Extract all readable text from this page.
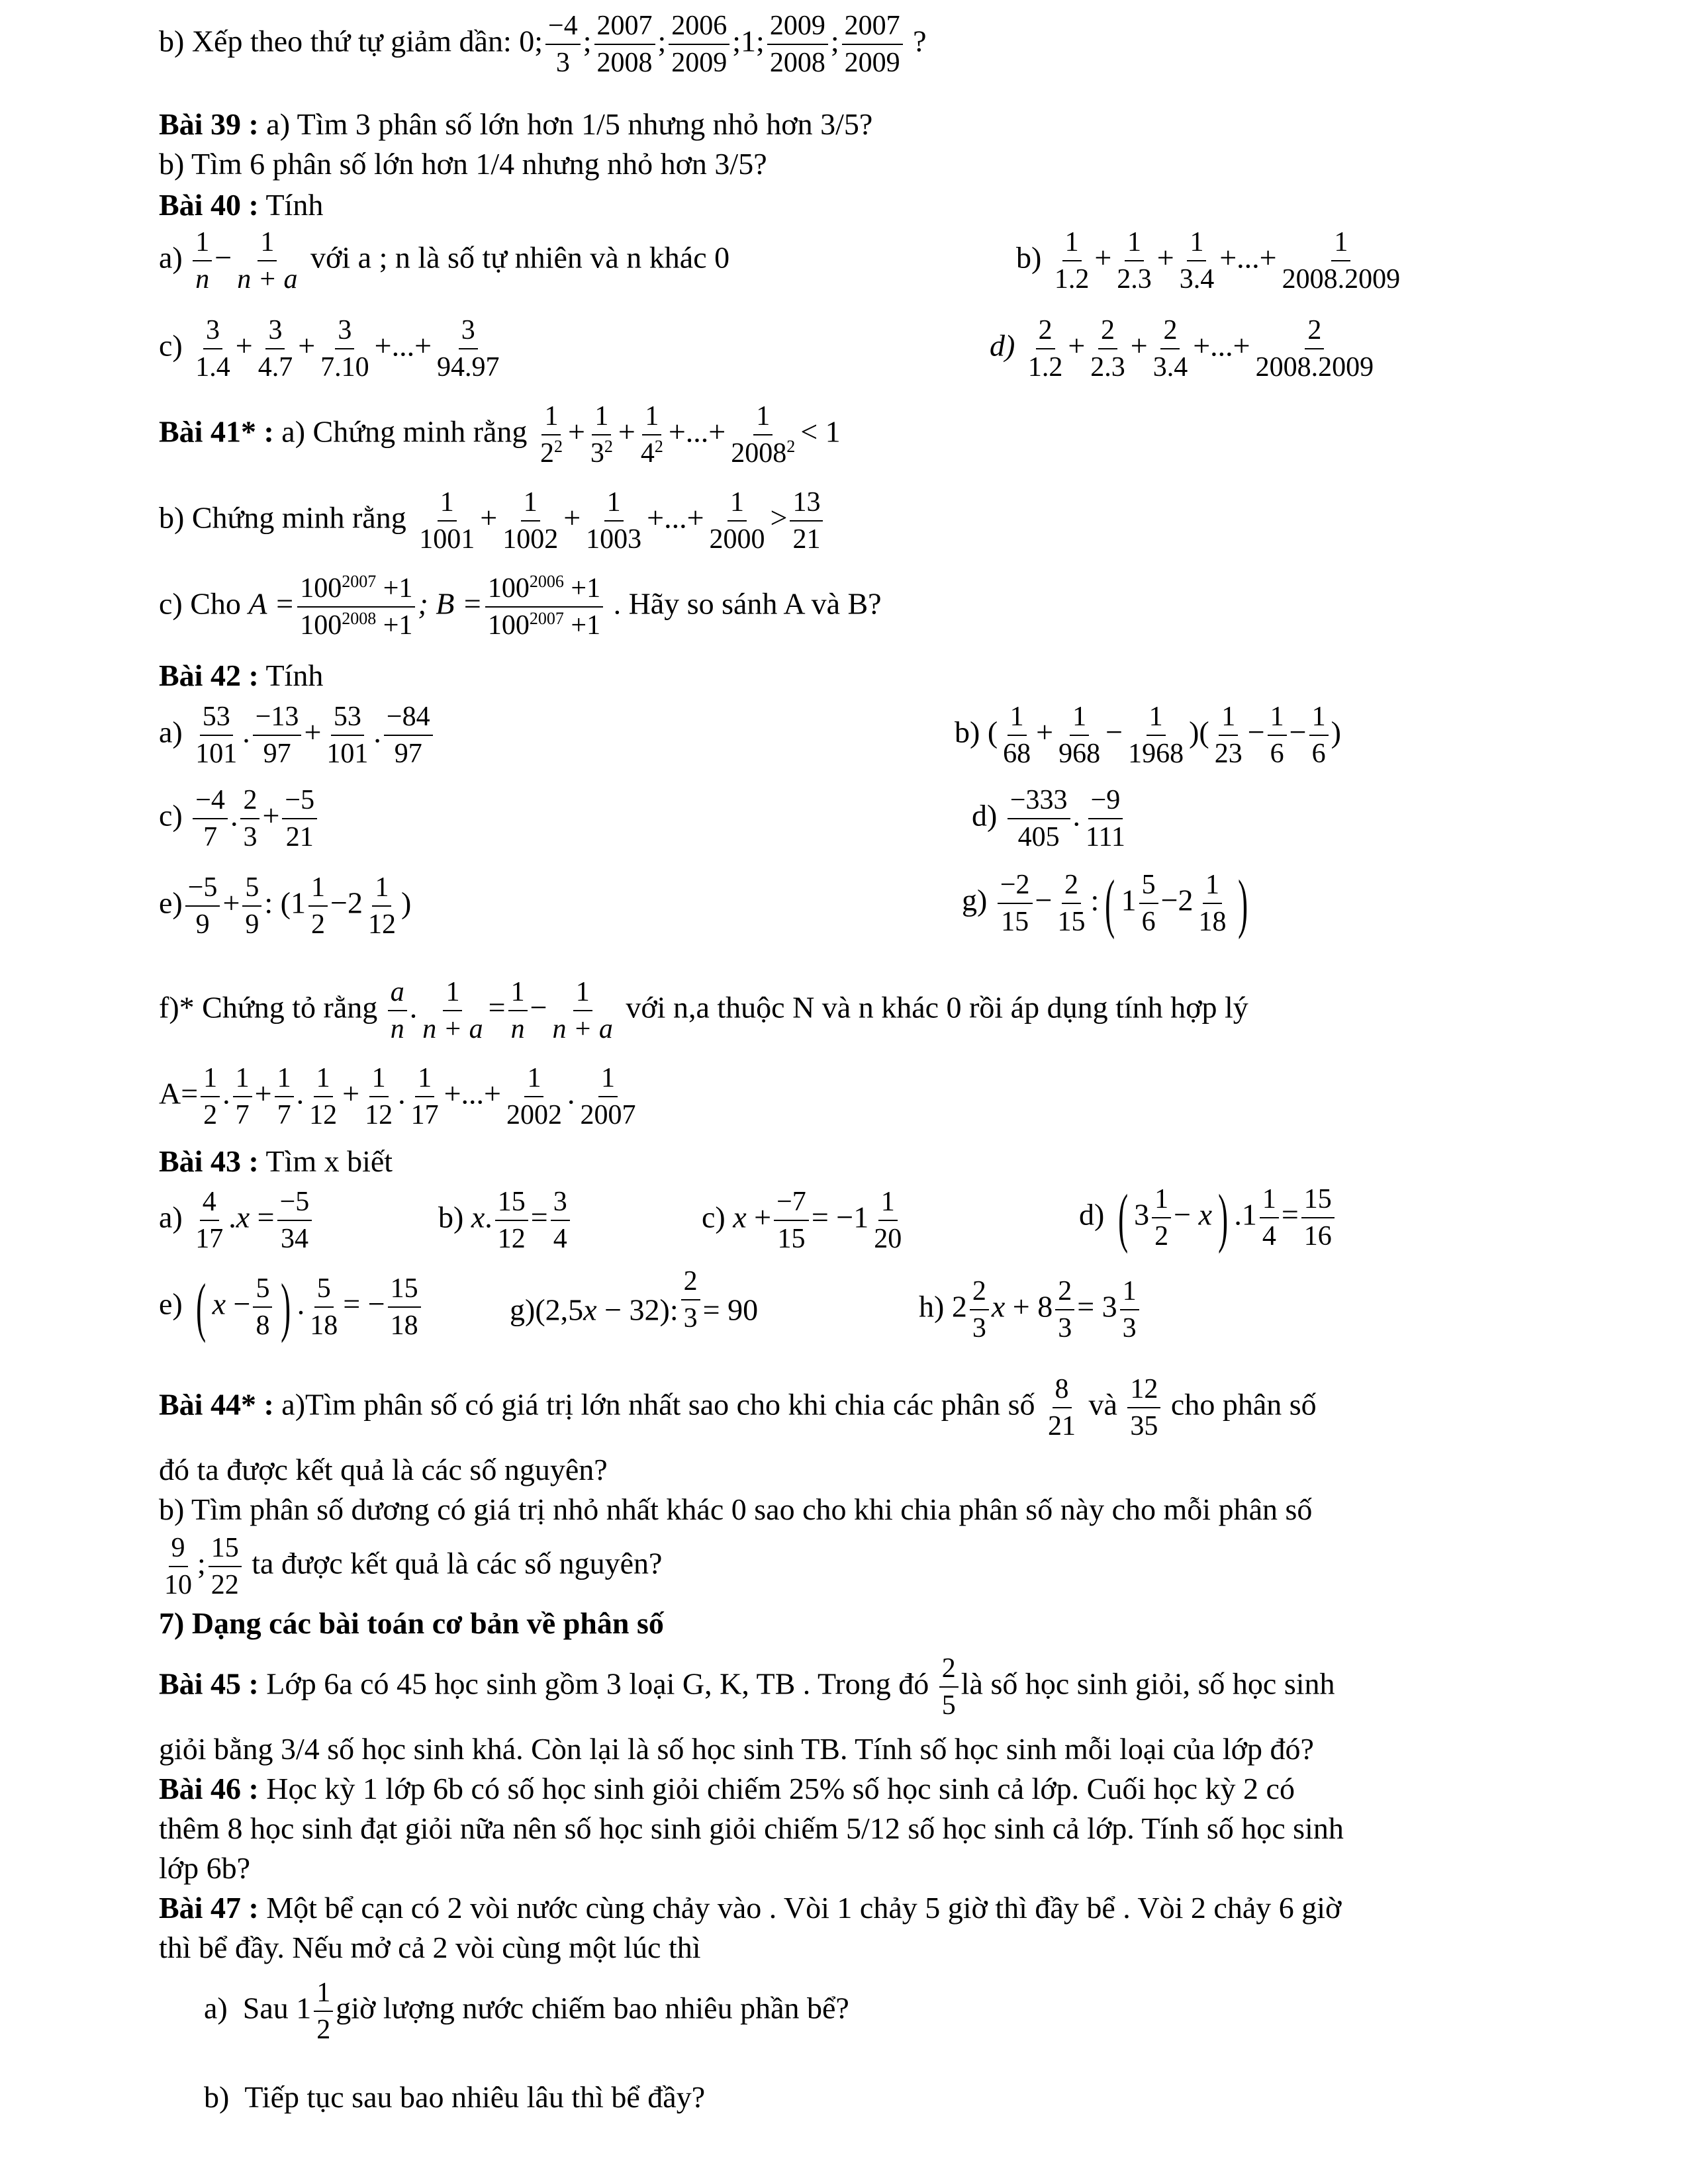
b) Xếp theo thứ tự giảm dần: 0; $\frac{-4}{3}$ ; $\frac{2007}{2008}$ ; $\frac{2006}{2009}$ ;1; $\frac{2009}{2008}$ ; $\frac{2007}{2009}$ ?
Bài 39 : a) Tìm 3 phân số lớn hơn 1/5 nhưng nhỏ hơn 3/5?
b) Tìm 6 phân số lớn hơn 1/4 nhưng nhỏ hơn 3/5?
Bài 40 : Tính
$a) \frac{1}{n} - \frac{1}{n + a}$ với a ; n là số tự nhiên và n khác 0	$b) \frac{1}{1.2} + \frac{1}{2.3} + \frac{1}{3.4}$ +...+ $\frac{1}{2008.2009}$
$c) \frac{3}{1.4} + \frac{3}{4.7} + \frac{3}{7.10}$ +...+ $\frac{3}{94.97}$	$d) \frac{2}{1.2} + \frac{2}{2.3} + \frac{2}{3.4}$ +...+ $\frac{2}{2008.2009}$
Bài 41* : a) Chứng minh rằng $\frac{1}{2^2} + \frac{1}{3^2} + \frac{1}{4^2}$ +...+ $\frac{1}{2008^2} < 1$
b) Chứng minh rằng $\frac{1}{1001} + \frac{1}{1002} + \frac{1}{1003}$ +...+ $\frac{1}{2000} > \frac{13}{21}$
c) Cho $A = \frac{100^{2007} +1}{100^{2008} +1}$ ; $B = \frac{100^{2006} +1}{100^{2007} +1}$ . Hãy so sánh A và B?
Bài 42 : Tính
$a) \frac{53}{101}$ . $\frac{-13}{97} + \frac{53}{101}$ . $\frac{-84}{97}$	b) ( $\frac{1}{68} + \frac{1}{968} - \frac{1}{1968}$ )( $\frac{1}{23} - \frac{1}{6} - \frac{1}{6}$ )
$c) \frac{-4}{7}$ . $\frac{2}{3} + \frac{-5}{21}$	$d) \frac{-333}{405}$ . $\frac{-9}{111}$
$e) \frac{-5}{9} + \frac{5}{9}$ : ($1 \frac{1}{2} -2 \frac{1}{12}$ )	$g) \frac{-2}{15} - \frac{2}{15}$ :( $1 \frac{5}{6} -2 \frac{1}{18}$ )
f)* Chứng tỏ rằng $\frac{a}{n}$ . $\frac{1}{n + a} = \frac{1}{n} - \frac{1}{n + a}$ với n,a thuộc N và n khác 0 rồi áp dụng tính hợp lý
$A= \frac{1}{2}$ . $\frac{1}{7} + \frac{1}{7}$ . $\frac{1}{12} + \frac{1}{12}$ . $\frac{1}{17}$ +...+ $\frac{1}{2002}$ . $\frac{1}{2007}$
Bài 43 : Tìm x biết
$a) \frac{4}{17} .x = \frac{-5}{34}$	b) x. $\frac{15}{12} = \frac{3}{4}$	c) $x + \frac{-7}{15} = -1 \frac{1}{20}$	d) ( $3 \frac{1}{2} - x$) $.1 \frac{1}{4} = \frac{15}{16}$
e) ( $x - \frac{5}{8}$ ) . $\frac{5}{18}$ = − $\frac{15}{18}$	g)(2,5x − 32): $\frac{2}{3} = 90$	h) $2 \frac{2}{3}$ $x + 8 \frac{2}{3} = 3 \frac{1}{3}$
Bài 44* : a)Tìm phân số có giá trị lớn nhất sao cho khi chia các phân số $\frac{8}{21}$ và $\frac{12}{35}$ cho phân số
đó ta được kết quả là các số nguyên?
b) Tìm phân số dương có giá trị nhỏ nhất khác 0 sao cho khi chia phân số này cho mỗi phân số
$\frac{9}{10}$ ; $\frac{15}{22}$ ta được kết quả là các số nguyên?
7) Dạng các bài toán cơ bản về phân số
Bài 45 : Lớp 6a có 45 học sinh gồm 3 loại G, K, TB . Trong đó $\frac{2}{5}$ là số học sinh giỏi, số học sinh
giỏi bằng 3/4 số học sinh khá. Còn lại là số học sinh TB. Tính số học sinh mỗi loại của lớp đó?
Bài 46 : Học kỳ 1 lớp 6b có số học sinh giỏi chiếm 25% số học sinh cả lớp. Cuối học kỳ 2 có
thêm 8 học sinh đạt giỏi nữa nên số học sinh giỏi chiếm 5/12 số học sinh cả lớp. Tính số học sinh
lớp 6b?
Bài 47 : Một bể cạn có 2 vòi nước cùng chảy vào . Vòi 1 chảy 5 giờ thì đầy bể . Vòi 2 chảy 6 giờ
thì bể đầy. Nếu mở cả 2 vòi cùng một lúc thì
a) Sau $1 \frac{1}{2}$ giờ lượng nước chiếm bao nhiêu phần bể?
b) Tiếp tục sau bao nhiêu lâu thì bể đầy?
